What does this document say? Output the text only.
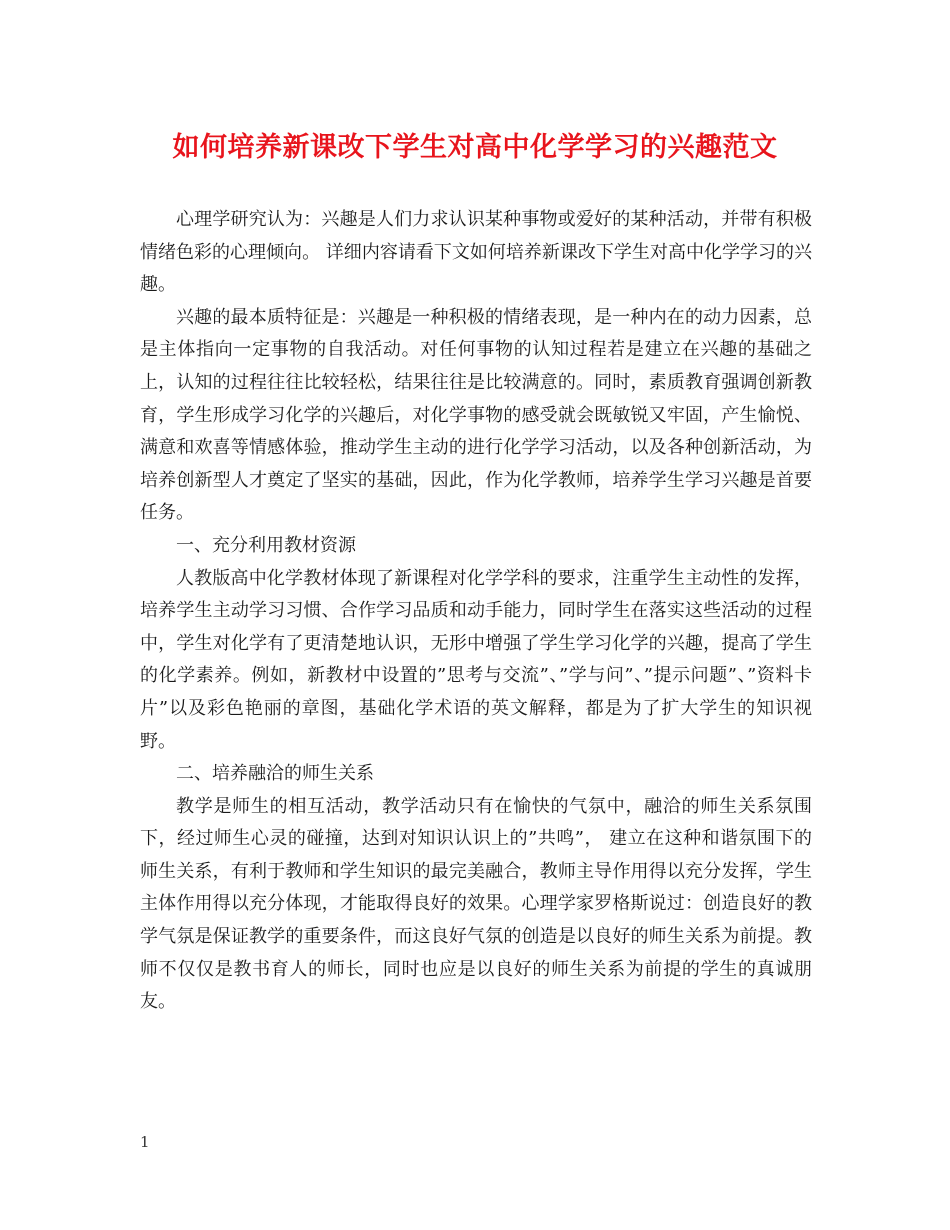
如何培养新课改下学生对高中化学学习的兴趣范文

心理学研究认为：兴趣是人们力求认识某种事物或爱好的某种活动，并带有积极情绪色彩的心理倾向。 详细内容请看下文如何培养新课改下学生对高中化学学习的兴趣。

兴趣的最本质特征是：兴趣是一种积极的情绪表现，是一种内在的动力因素，总是主体指向一定事物的自我活动。对任何事物的认知过程若是建立在兴趣的基础之上，认知的过程往往比较轻松，结果往往是比较满意的。同时，素质教育强调创新教育，学生形成学习化学的兴趣后，对化学事物的感受就会既敏锐又牢固，产生愉悦、满意和欢喜等情感体验，推动学生主动的进行化学学习活动，以及各种创新活动，为培养创新型人才奠定了坚实的基础，因此，作为化学教师，培养学生学习兴趣是首要任务。

一、充分利用教材资源

人教版高中化学教材体现了新课程对化学学科的要求，注重学生主动性的发挥，培养学生主动学习习惯、合作学习品质和动手能力，同时学生在落实这些活动的过程中，学生对化学有了更清楚地认识，无形中增强了学生学习化学的兴趣，提高了学生的化学素养。例如，新教材中设置的”思考与交流”、”学与问”、”提示问题”、”资料卡片”以及彩色艳丽的章图，基础化学术语的英文解释，都是为了扩大学生的知识视野。

二、培养融洽的师生关系

教学是师生的相互活动，教学活动只有在愉快的气氛中，融洽的师生关系氛围下，经过师生心灵的碰撞，达到对知识认识上的”共鸣”， 建立在这种和谐氛围下的师生关系，有利于教师和学生知识的最完美融合，教师主导作用得以充分发挥，学生主体作用得以充分体现，才能取得良好的效果。心理学家罗格斯说过：创造良好的教学气氛是保证教学的重要条件，而这良好气氛的创造是以良好的师生关系为前提。教师不仅仅是教书育人的师长，同时也应是以良好的师生关系为前提的学生的真诚朋友。

1
